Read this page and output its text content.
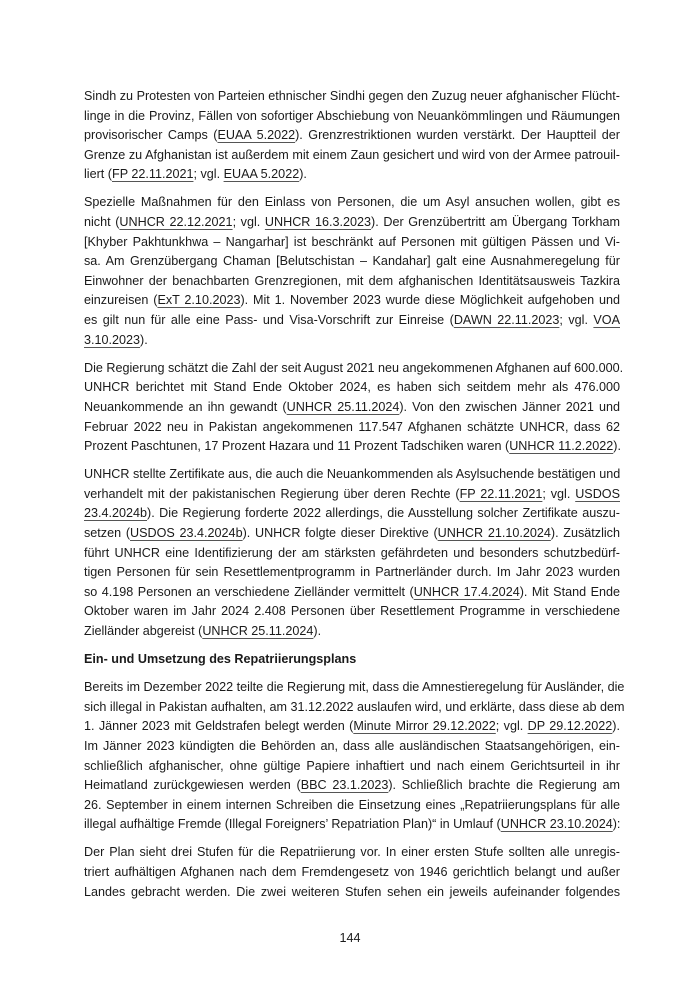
Sindh zu Protesten von Parteien ethnischer Sindhi gegen den Zuzug neuer afghanischer Flücht-
linge in die Provinz, Fällen von sofortiger Abschiebung von Neuankömmlingen und Räumungen
provisorischer Camps (EUAA 5.2022). Grenzrestriktionen wurden verstärkt. Der Hauptteil der
Grenze zu Afghanistan ist außerdem mit einem Zaun gesichert und wird von der Armee patrouil-
liert (FP 22.11.2021; vgl. EUAA 5.2022).
Spezielle Maßnahmen für den Einlass von Personen, die um Asyl ansuchen wollen, gibt es
nicht (UNHCR 22.12.2021; vgl. UNHCR 16.3.2023). Der Grenzübertritt am Übergang Torkham
[Khyber Pakhtunkhwa – Nangarhar] ist beschränkt auf Personen mit gültigen Pässen und Vi-
sa. Am Grenzübergang Chaman [Belutschistan – Kandahar] galt eine Ausnahmeregelung für
Einwohner der benachbarten Grenzregionen, mit dem afghanischen Identitätsausweis Tazkira
einzureisen (ExT 2.10.2023). Mit 1. November 2023 wurde diese Möglichkeit aufgehoben und
es gilt nun für alle eine Pass- und Visa-Vorschrift zur Einreise (DAWN 22.11.2023; vgl. VOA
3.10.2023).
Die Regierung schätzt die Zahl der seit August 2021 neu angekommenen Afghanen auf 600.000.
UNHCR berichtet mit Stand Ende Oktober 2024, es haben sich seitdem mehr als 476.000
Neuankommende an ihn gewandt (UNHCR 25.11.2024). Von den zwischen Jänner 2021 und
Februar 2022 neu in Pakistan angekommenen 117.547 Afghanen schätzte UNHCR, dass 62
Prozent Paschtunen, 17 Prozent Hazara und 11 Prozent Tadschiken waren (UNHCR 11.2.2022).
UNHCR stellte Zertifikate aus, die auch die Neuankommenden als Asylsuchende bestätigen und
verhandelt mit der pakistanischen Regierung über deren Rechte (FP 22.11.2021; vgl. USDOS
23.4.2024b). Die Regierung forderte 2022 allerdings, die Ausstellung solcher Zertifikate auszu-
setzen (USDOS 23.4.2024b). UNHCR folgte dieser Direktive (UNHCR 21.10.2024). Zusätzlich
führt UNHCR eine Identifizierung der am stärksten gefährdeten und besonders schutzbedürf-
tigen Personen für sein Resettlementprogramm in Partnerländer durch. Im Jahr 2023 wurden
so 4.198 Personen an verschiedene Zielländer vermittelt (UNHCR 17.4.2024). Mit Stand Ende
Oktober waren im Jahr 2024 2.408 Personen über Resettlement Programme in verschiedene
Zielländer abgereist (UNHCR 25.11.2024).
Ein- und Umsetzung des Repatriierungsplans
Bereits im Dezember 2022 teilte die Regierung mit, dass die Amnestieregelung für Ausländer, die
sich illegal in Pakistan aufhalten, am 31.12.2022 auslaufen wird, und erklärte, dass diese ab dem
1. Jänner 2023 mit Geldstrafen belegt werden (Minute Mirror 29.12.2022; vgl. DP 29.12.2022).
Im Jänner 2023 kündigten die Behörden an, dass alle ausländischen Staatsangehörigen, ein-
schließlich afghanischer, ohne gültige Papiere inhaftiert und nach einem Gerichtsurteil in ihr
Heimatland zurückgewiesen werden (BBC 23.1.2023). Schließlich brachte die Regierung am
26. September in einem internen Schreiben die Einsetzung eines „Repatriierungsplans für alle
illegal aufhältige Fremde (Illegal Foreigners’ Repatriation Plan)“ in Umlauf (UNHCR 23.10.2024):
Der Plan sieht drei Stufen für die Repatriierung vor. In einer ersten Stufe sollten alle unregis-
triert aufhältigen Afghanen nach dem Fremdengesetz von 1946 gerichtlich belangt und außer
Landes gebracht werden. Die zwei weiteren Stufen sehen ein jeweils aufeinander folgendes
144
